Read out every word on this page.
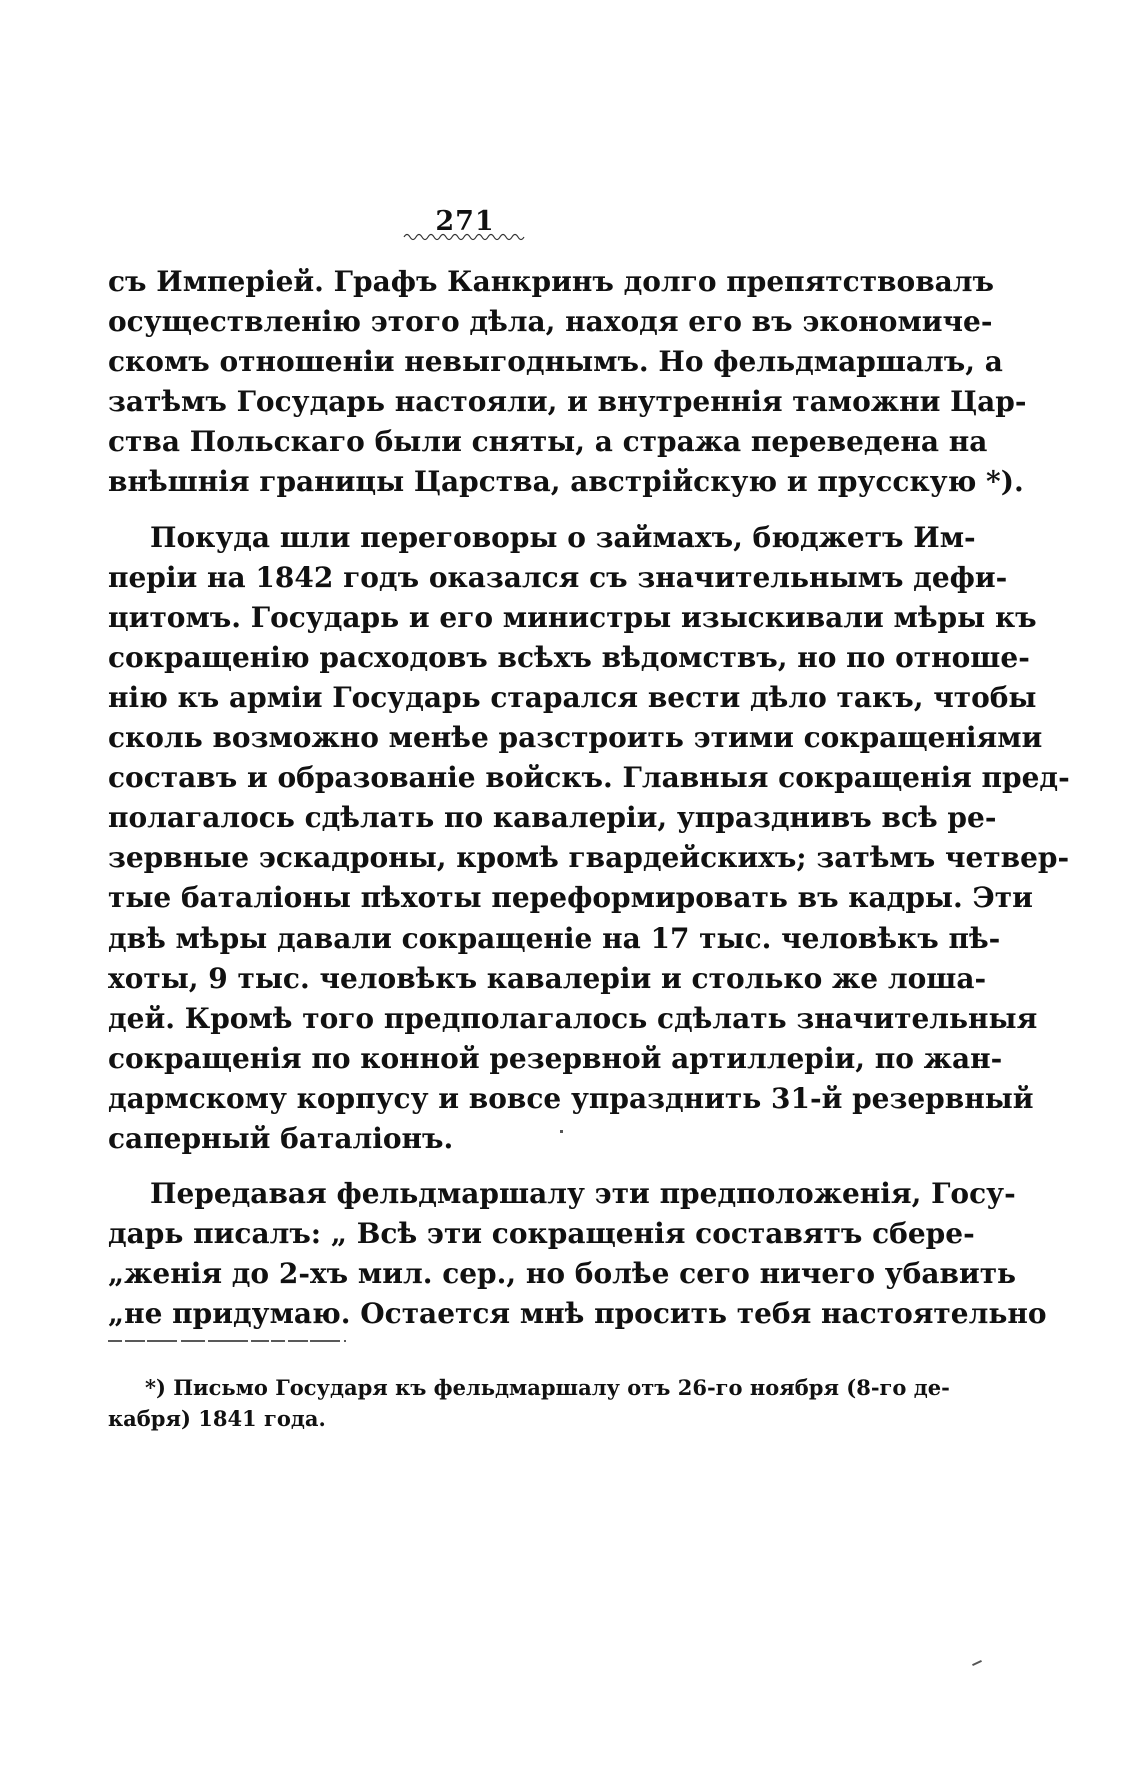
271
съ Имперіей. Графъ Канкринъ долго препятствовалъ
осуществленію этого дѣла, находя его въ экономиче-
скомъ отношеніи невыгоднымъ. Но фельдмаршалъ, а
затѣмъ Государь настояли, и внутреннія таможни Цар-
ства Польскаго были сняты, а стража переведена на
внѣшнія границы Царства, австрійскую и прусскую *).
Покуда шли переговоры о займахъ, бюджетъ Им-
періи на 1842 годъ оказался съ значительнымъ дефи-
цитомъ. Государь и его министры изыскивали мѣры къ
сокращенію расходовъ всѣхъ вѣдомствъ, но по отноше-
нію къ арміи Государь старался вести дѣло такъ, чтобы
сколь возможно менѣе разстроить этими сокращеніями
составъ и образованіе войскъ. Главныя сокращенія пред-
полагалось сдѣлать по кавалеріи, упразднивъ всѣ ре-
зервные эскадроны, кромѣ гвардейскихъ; затѣмъ четвер-
тые баталіоны пѣхоты переформировать въ кадры. Эти
двѣ мѣры давали сокращеніе на 17 тыс. человѣкъ пѣ-
хоты, 9 тыс. человѣкъ кавалеріи и столько же лоша-
дей. Кромѣ того предполагалось сдѣлать значительныя
сокращенія по конной резервной артиллеріи, по жан-
дармскому корпусу и вовсе упразднить 31-й резервный
саперный баталіонъ.
Передавая фельдмаршалу эти предположенія, Госу-
дарь писалъ: „ Всѣ эти сокращенія составятъ сбере-
„женія до 2-хъ мил. сер., но болѣе сего ничего убавить
„не придумаю. Остается мнѣ просить тебя настоятельно
*) Письмо Государя къ фельдмаршалу отъ 26-го ноября (8-го де-
кабря) 1841 года.
